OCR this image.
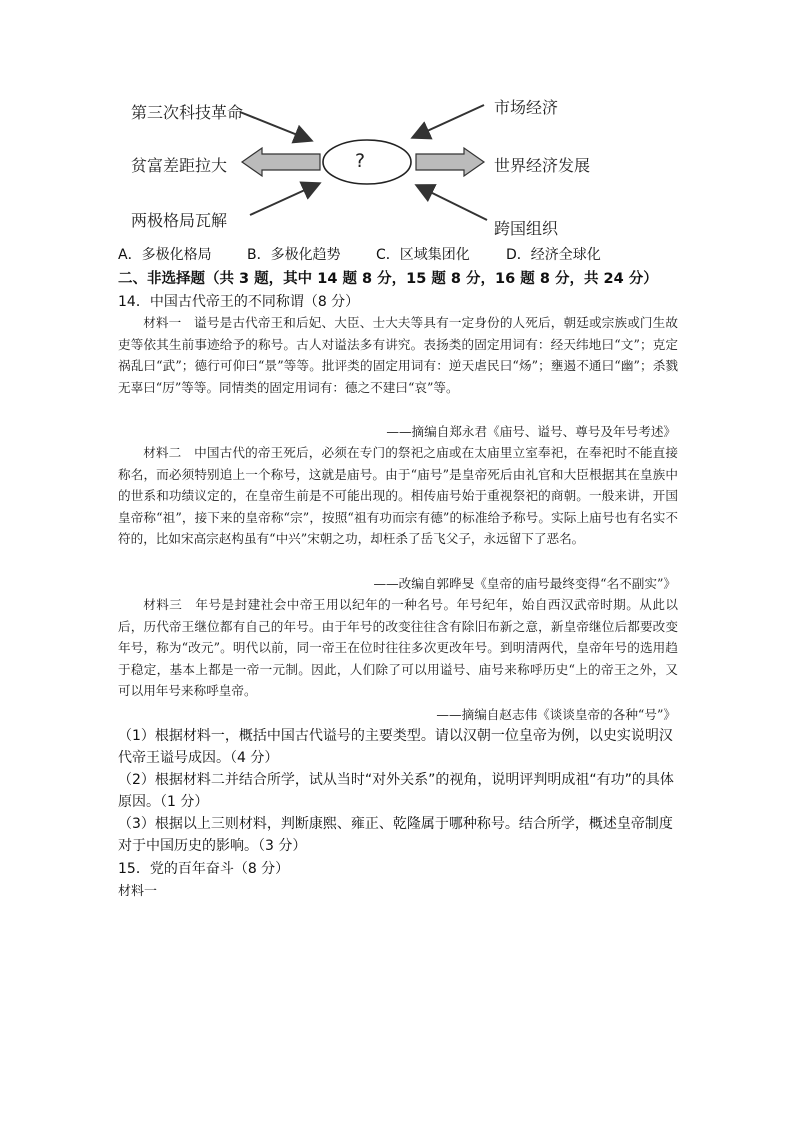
?
第三次科技革命
贫富差距拉大
两极格局瓦解
市场经济
世界经济发展
跨国组织
A．多极化格局	B．多极化趋势	C．区域集团化	D．经济全球化
二、非选择题（共 3 题，其中 14 题 8 分，15 题 8 分，16 题 8 分，共 24 分）
14．中国古代帝王的不同称谓（8 分）
材料一　谥号是古代帝王和后妃、大臣、士大夫等具有一定身份的人死后，朝廷或宗族或门生故吏等依其生前事迹给予的称号。古人对谥法多有讲究。表扬类的固定用词有：经天纬地曰“文”；克定祸乱曰“武”；德行可仰曰“景”等等。批评类的固定用词有：逆天虐民曰“炀”；壅遏不通曰“幽”；杀戮无辜曰“厉”等等。同情类的固定用词有：德之不建曰“哀”等。
——摘编自郑永君《庙号、谥号、尊号及年号考述》
材料二　中国古代的帝王死后，必须在专门的祭祀之庙或在太庙里立室奉祀，在奉祀时不能直接称名，而必须特别追上一个称号，这就是庙号。由于“庙号”是皇帝死后由礼官和大臣根据其在皇族中的世系和功绩议定的，在皇帝生前是不可能出现的。相传庙号始于重视祭祀的商朝。一般来讲，开国皇帝称“祖”，接下来的皇帝称“宗”，按照“祖有功而宗有德”的标准给予称号。实际上庙号也有名实不符的，比如宋高宗赵构虽有“中兴”宋朝之功，却枉杀了岳飞父子，永远留下了恶名。
——改编自郭晔旻《皇帝的庙号最终变得“名不副实”》
材料三　年号是封建社会中帝王用以纪年的一种名号。年号纪年，始自西汉武帝时期。从此以后，历代帝王继位都有自己的年号。由于年号的改变往往含有除旧布新之意，新皇帝继位后都要改变年号，称为“改元”。明代以前，同一帝王在位时往往多次更改年号。到明清两代，皇帝年号的选用趋于稳定，基本上都是一帝一元制。因此，人们除了可以用谥号、庙号来称呼历史“上的帝王之外，又可以用年号来称呼皇帝。
——摘编自赵志伟《谈谈皇帝的各种“号”》
（1）根据材料一，概括中国古代谥号的主要类型。请以汉朝一位皇帝为例，以史实说明汉代帝王谥号成因。（4 分）
（2）根据材料二并结合所学，试从当时“对外关系”的视角，说明评判明成祖“有功”的具体原因。（1 分）
（3）根据以上三则材料，判断康熙、雍正、乾隆属于哪种称号。结合所学，概述皇帝制度对于中国历史的影响。（3 分）
15．党的百年奋斗（8 分）
材料一
